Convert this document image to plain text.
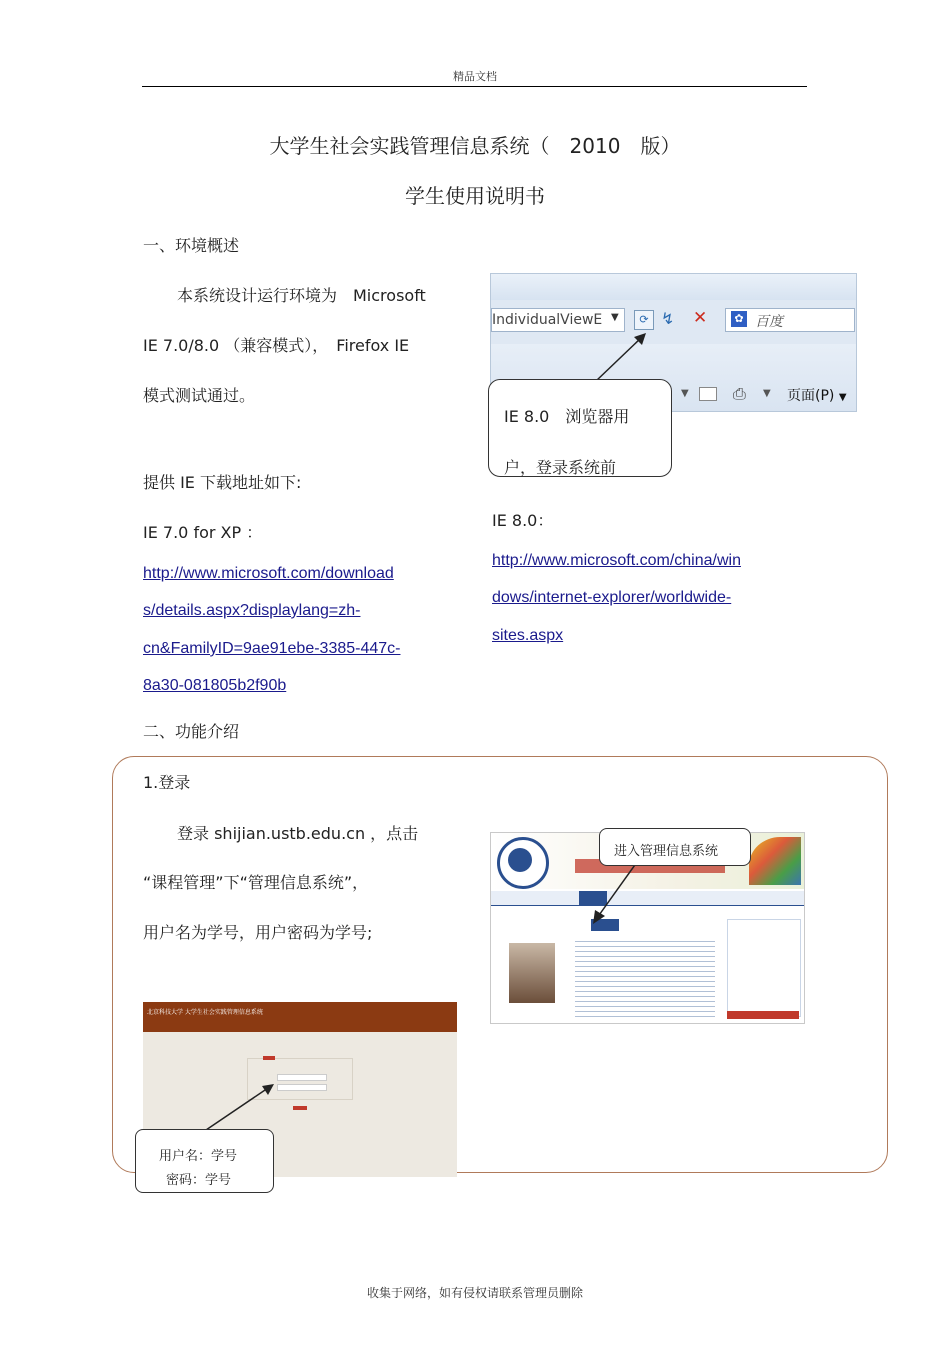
精品文档
大学生社会实践管理信息系统（　2010　版）
学生使用说明书
一、环境概述
本系统设计运行环境为　Microsoft
IE 7.0/8.0 （兼容模式），　Firefox IE
模式测试通过。
提供 IE 下载地址如下:
IE 7.0 for XP ：
http://www.microsoft.com/download
s/details.aspx?displaylang=zh-
cn&FamilyID=9ae91ebe-3385-447c-
8a30-081805b2f90b
IndividualViewE ▼	⟳ ↯ ✕	✿ 百度
▼	⎙ ▼ 页面(P) ▼
IE 8.0　浏览器用
户，登录系统前
IE 8.0：
http://www.microsoft.com/china/win
dows/internet-explorer/worldwide-
sites.aspx
二、功能介绍
1.登录
登录 shijian.ustb.edu.cn ，点击
“课程管理”下“管理信息系统”，
用户名为学号，用户密码为学号;
进入管理信息系统
北京科技大学 大学生社会实践管理信息系统
用户名：学号
密码：学号
收集于网络，如有侵权请联系管理员删除
